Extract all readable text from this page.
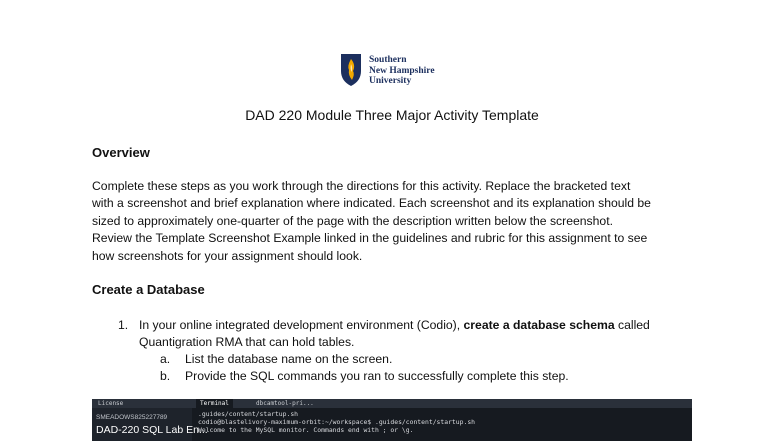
Southern
New Hampshire
University
DAD 220 Module Three Major Activity Template
Overview
Complete these steps as you work through the directions for this activity. Replace the bracketed text
with a screenshot and brief explanation where indicated. Each screenshot and its explanation should be
sized to approximately one-quarter of the page with the description written below the screenshot.
Review the Template Screenshot Example linked in the guidelines and rubric for this assignment to see
how screenshots for your assignment should look.
Create a Database
1. In your online integrated development environment (Codio), create a database schema called
Quantigration RMA that can hold tables.
a. List the database name on the screen.
b. Provide the SQL commands you ran to successfully complete this step.
License	Terminal	dbcamtool-pri...
SMEADOWS825227789
DAD-220 SQL Lab En...
.guides/content/startup.sh
codio@blastelivory-maximum-orbit:~/workspace$ .guides/content/startup.sh
Welcome to the MySQL monitor. Commands end with ; or \g.
